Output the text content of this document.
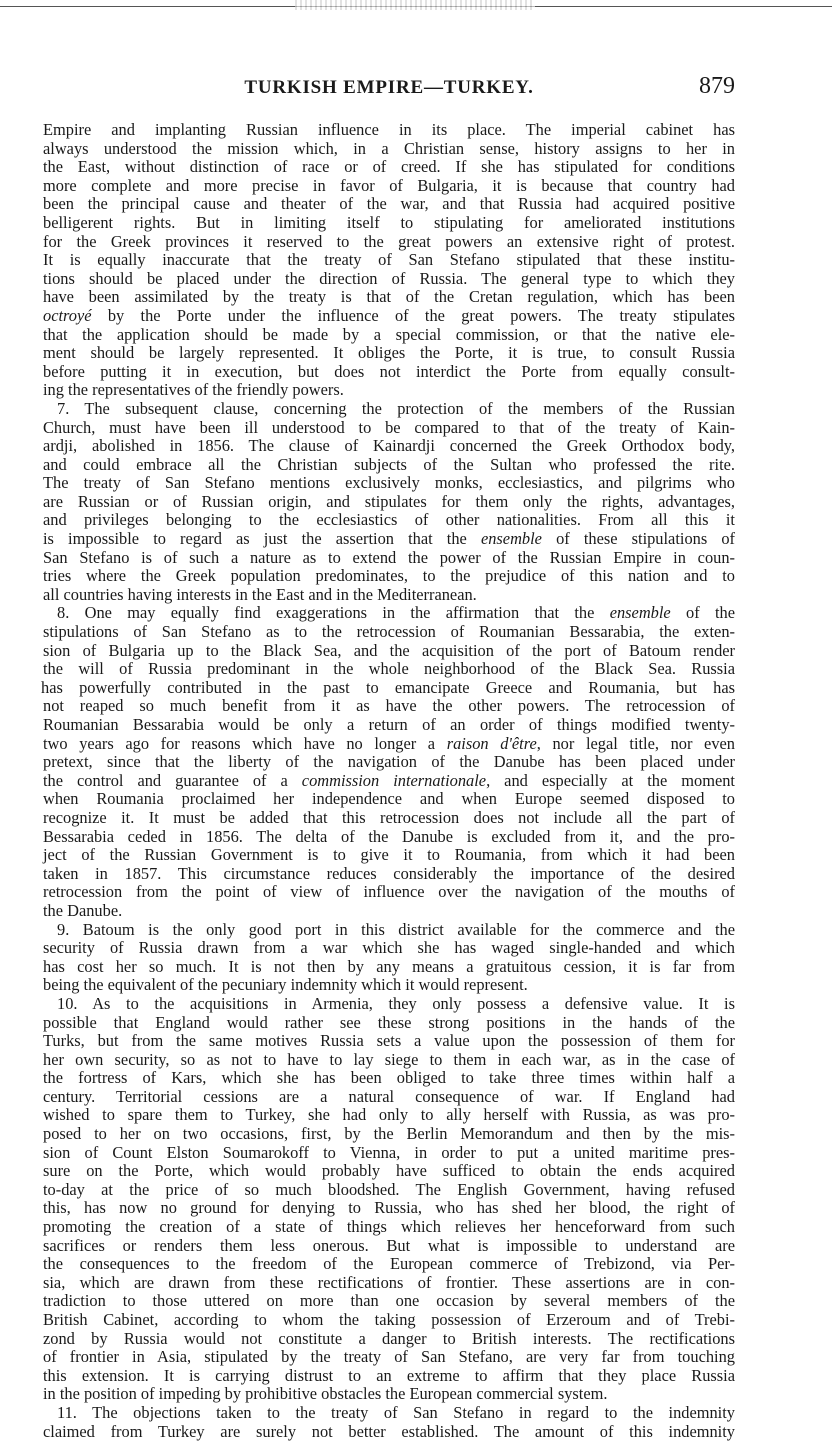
TURKISH EMPIRE—TURKEY.	879
Empire and implanting Russian influence in its place. The imperial cabinet has
always understood the mission which, in a Christian sense, history assigns to her in
the East, without distinction of race or of creed. If she has stipulated for conditions
more complete and more precise in favor of Bulgaria, it is because that country had
been the principal cause and theater of the war, and that Russia had acquired positive
belligerent rights. But in limiting itself to stipulating for ameliorated institutions
for the Greek provinces it reserved to the great powers an extensive right of protest.
It is equally inaccurate that the treaty of San Stefano stipulated that these institu-
tions should be placed under the direction of Russia. The general type to which they
have been assimilated by the treaty is that of the Cretan regulation, which has been
octroyé by the Porte under the influence of the great powers. The treaty stipulates
that the application should be made by a special commission, or that the native ele-
ment should be largely represented. It obliges the Porte, it is true, to consult Russia
before putting it in execution, but does not interdict the Porte from equally consult-
ing the representatives of the friendly powers.
7. The subsequent clause, concerning the protection of the members of the Russian
Church, must have been ill understood to be compared to that of the treaty of Kain-
ardji, abolished in 1856. The clause of Kainardji concerned the Greek Orthodox body,
and could embrace all the Christian subjects of the Sultan who professed the rite.
The treaty of San Stefano mentions exclusively monks, ecclesiastics, and pilgrims who
are Russian or of Russian origin, and stipulates for them only the rights, advantages,
and privileges belonging to the ecclesiastics of other nationalities. From all this it
is impossible to regard as just the assertion that the ensemble of these stipulations of
San Stefano is of such a nature as to extend the power of the Russian Empire in coun-
tries where the Greek population predominates, to the prejudice of this nation and to
all countries having interests in the East and in the Mediterranean.
8. One may equally find exaggerations in the affirmation that the ensemble of the
stipulations of San Stefano as to the retrocession of Roumanian Bessarabia, the exten-
sion of Bulgaria up to the Black Sea, and the acquisition of the port of Batoum render
the will of Russia predominant in the whole neighborhood of the Black Sea. Russia
has powerfully contributed in the past to emancipate Greece and Roumania, but has
not reaped so much benefit from it as have the other powers. The retrocession of
Roumanian Bessarabia would be only a return of an order of things modified twenty-
two years ago for reasons which have no longer a raison d'être, nor legal title, nor even
pretext, since that the liberty of the navigation of the Danube has been placed under
the control and guarantee of a commission internationale, and especially at the moment
when Roumania proclaimed her independence and when Europe seemed disposed to
recognize it. It must be added that this retrocession does not include all the part of
Bessarabia ceded in 1856. The delta of the Danube is excluded from it, and the pro-
ject of the Russian Government is to give it to Roumania, from which it had been
taken in 1857. This circumstance reduces considerably the importance of the desired
retrocession from the point of view of influence over the navigation of the mouths of
the Danube.
9. Batoum is the only good port in this district available for the commerce and the
security of Russia drawn from a war which she has waged single-handed and which
has cost her so much. It is not then by any means a gratuitous cession, it is far from
being the equivalent of the pecuniary indemnity which it would represent.
10. As to the acquisitions in Armenia, they only possess a defensive value. It is
possible that England would rather see these strong positions in the hands of the
Turks, but from the same motives Russia sets a value upon the possession of them for
her own security, so as not to have to lay siege to them in each war, as in the case of
the fortress of Kars, which she has been obliged to take three times within half a
century. Territorial cessions are a natural consequence of war. If England had
wished to spare them to Turkey, she had only to ally herself with Russia, as was pro-
posed to her on two occasions, first, by the Berlin Memorandum and then by the mis-
sion of Count Elston Soumarokoff to Vienna, in order to put a united maritime pres-
sure on the Porte, which would probably have sufficed to obtain the ends acquired
to-day at the price of so much bloodshed. The English Government, having refused
this, has now no ground for denying to Russia, who has shed her blood, the right of
promoting the creation of a state of things which relieves her henceforward from such
sacrifices or renders them less onerous. But what is impossible to understand are
the consequences to the freedom of the European commerce of Trebizond, via Per-
sia, which are drawn from these rectifications of frontier. These assertions are in con-
tradiction to those uttered on more than one occasion by several members of the
British Cabinet, according to whom the taking possession of Erzeroum and of Trebi-
zond by Russia would not constitute a danger to British interests. The rectifications
of frontier in Asia, stipulated by the treaty of San Stefano, are very far from touching
this extension. It is carrying distrust to an extreme to affirm that they place Russia
in the position of impeding by prohibitive obstacles the European commercial system.
11. The objections taken to the treaty of San Stefano in regard to the indemnity
claimed from Turkey are surely not better established. The amount of this indemnity
